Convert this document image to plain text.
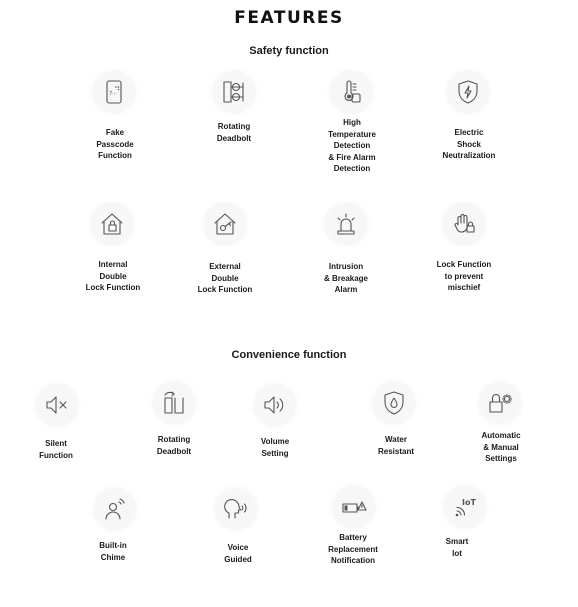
FEATURES
Safety function
7·:·
Fake
Passcode
Function
Rotating
Deadbolt
High
Temperature
Detection
& Fire Alarm
Detection
Electric
Shock
Neutralization
Internal
Double
Lock Function
External
Double
Lock Function
Intrusion
& Breakage
Alarm
Lock Function
to prevent
mischief
Convenience function
Silent
Function
Rotating
Deadbolt
Volume
Setting
Water
Resistant
Automatic
& Manual
Settings
Built-in
Chime
Voice
Guided
Battery
Replacement
Notification
IoT
Smart
Iot
